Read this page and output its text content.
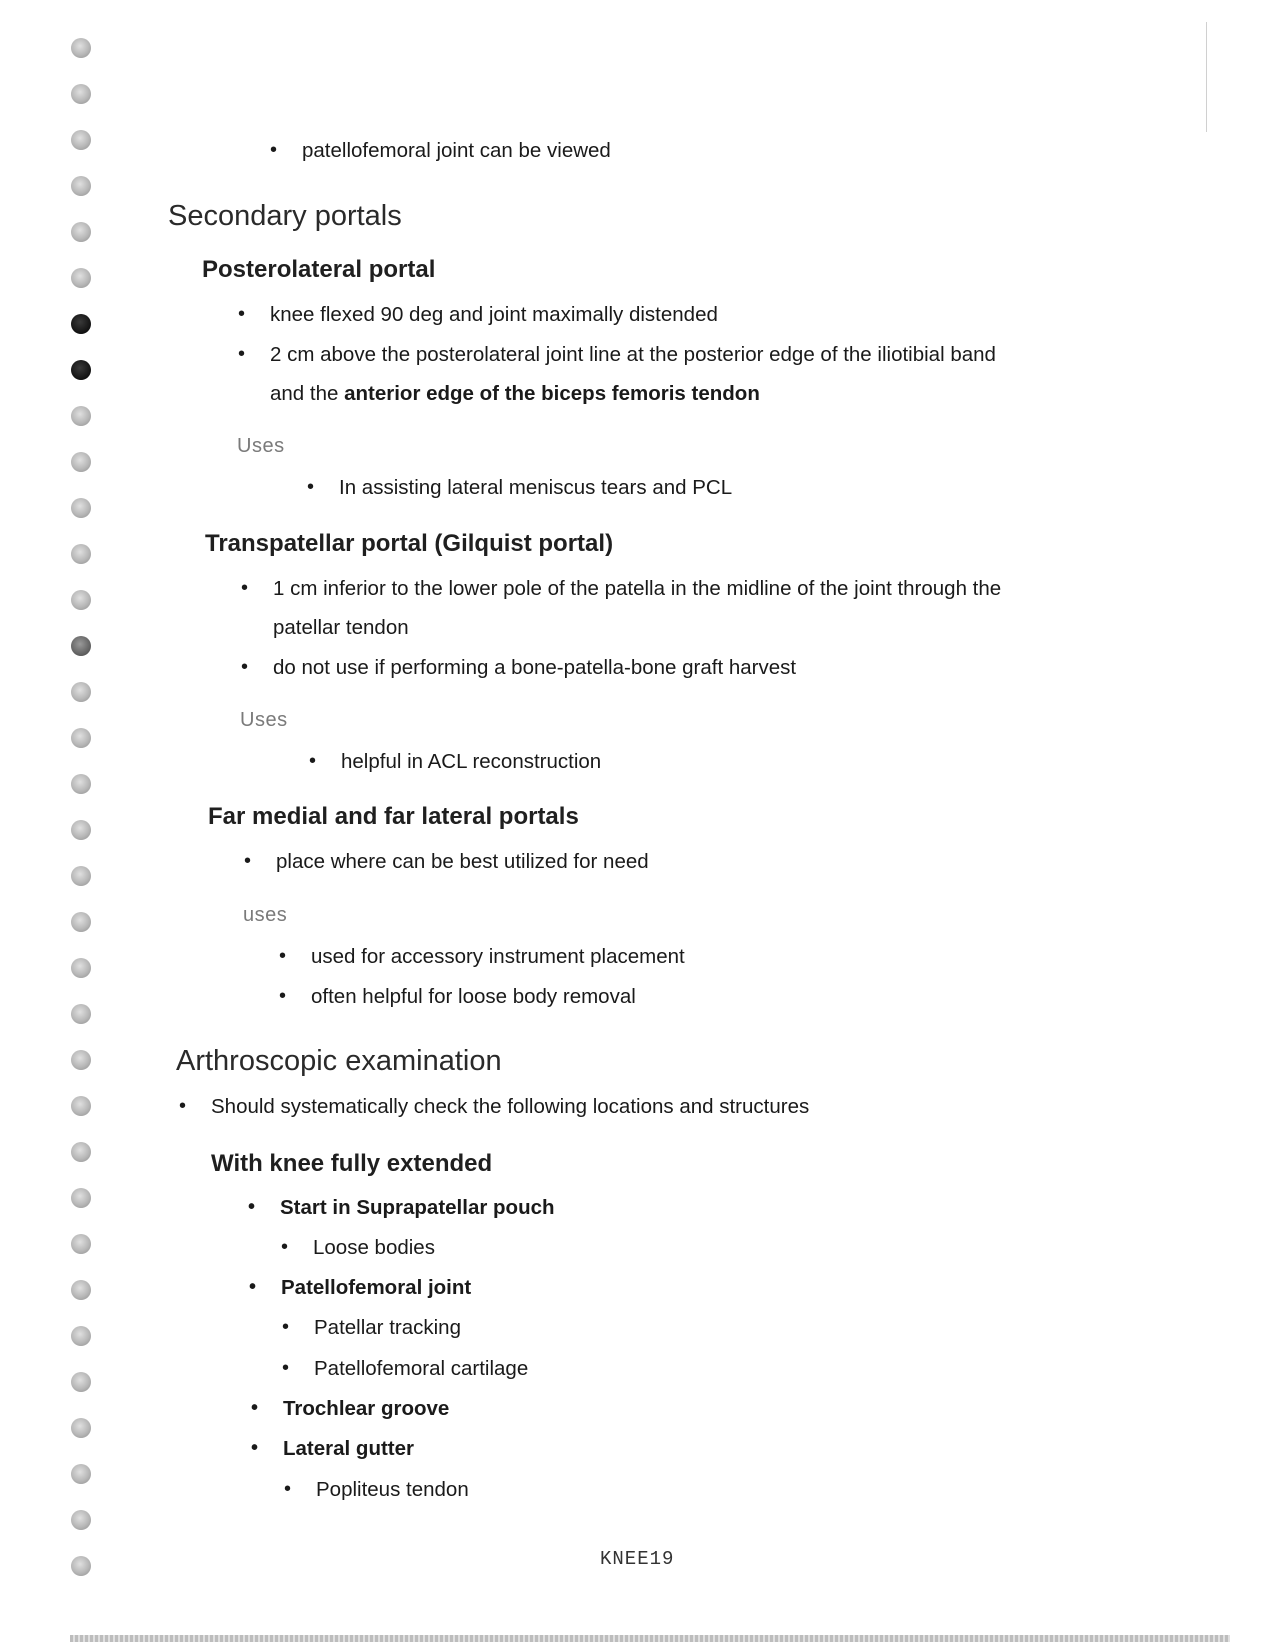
• patellofemoral joint can be viewed
Secondary portals
Posterolateral portal
• knee flexed 90 deg and joint maximally distended
• 2 cm above the posterolateral joint line at the posterior edge of the iliotibial band
and the anterior edge of the biceps femoris tendon
Uses
• In assisting lateral meniscus tears and PCL
Transpatellar portal (Gilquist portal)
• 1 cm inferior to the lower pole of the patella in the midline of the joint through the
patellar tendon
• do not use if performing a bone-patella-bone graft harvest
Uses
• helpful in ACL reconstruction
Far medial and far lateral portals
• place where can be best utilized for need
uses
• used for accessory instrument placement
• often helpful for loose body removal
Arthroscopic examination
• Should systematically check the following locations and structures
With knee fully extended
• Start in Suprapatellar pouch
• Loose bodies
• Patellofemoral joint
• Patellar tracking
• Patellofemoral cartilage
• Trochlear groove
• Lateral gutter
• Popliteus tendon
KNEE19
